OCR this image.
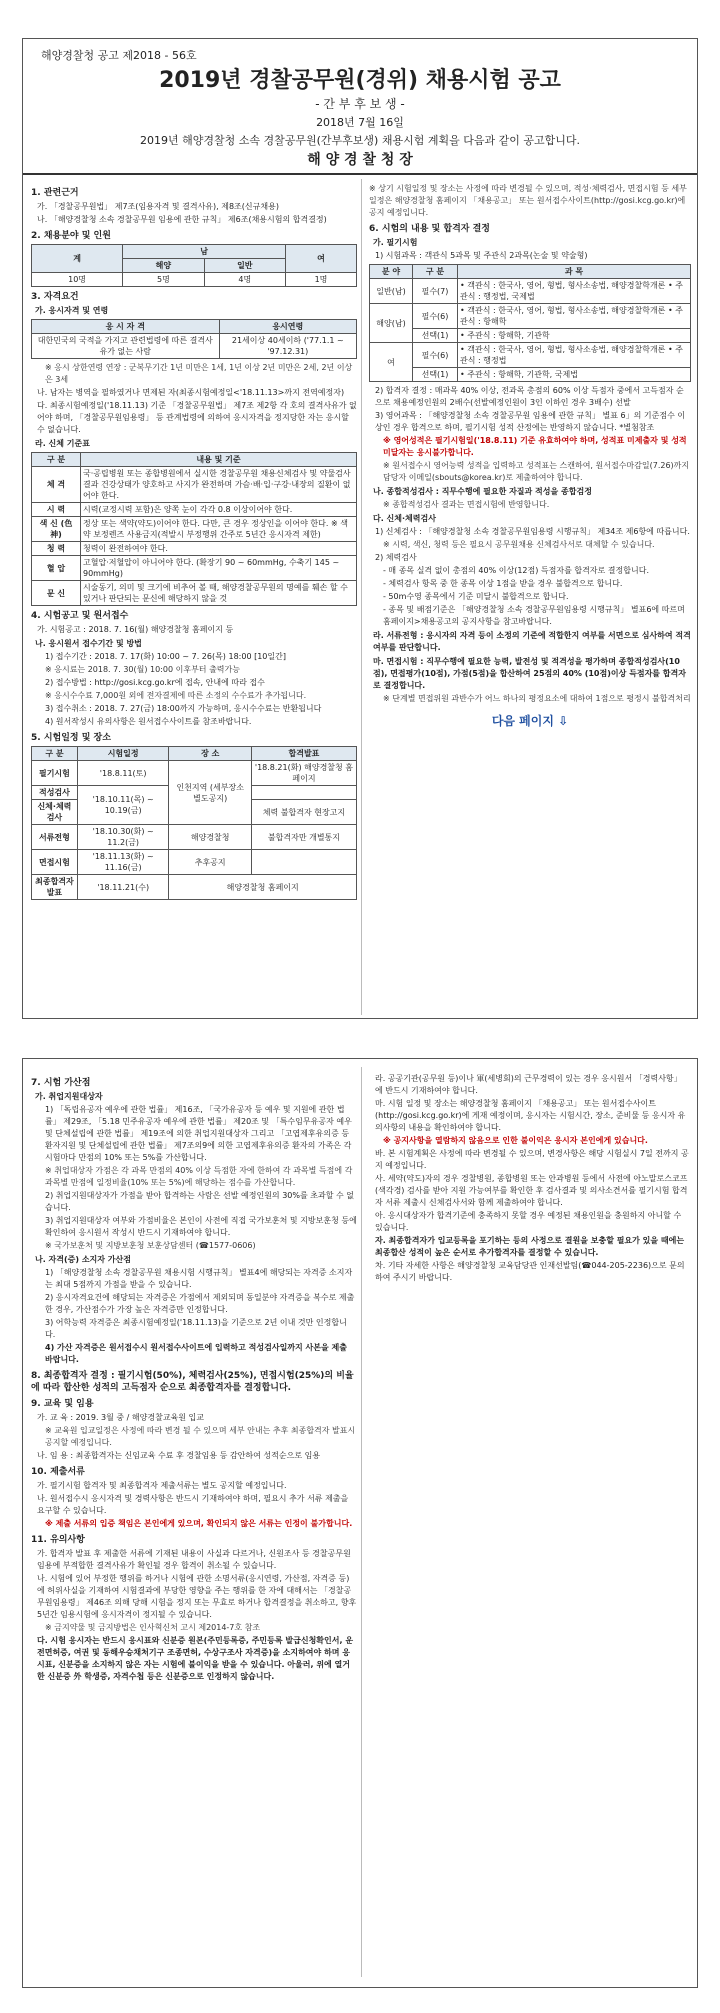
해양경찰청 공고 제2018 - 56호
2019년 경찰공무원(경위) 채용시험 공고
- 간 부 후 보 생 -
2018년 7월 16일
2019년 해양경찰청 소속 경찰공무원(간부후보생) 채용시험 계획을 다음과 같이 공고합니다.
해 양 경 찰 청 장
1. 관련근거
가. 「경찰공무원법」 제7조(임용자격 및 결격사유), 제8조(신규채용)
나. 「해양경찰청 소속 경찰공무원 임용에 관한 규칙」 제6조(채용시험의 합격결정)
2. 채용분야 및 인원
계	남		여
	해양	일반	
10명	5명	4명	1명
3. 자격요건
가. 응시자격 및 연령
응 시 자 격	응시연령
대한민국의 국적을 가지고 관련법령에 따른 결격사유가 없는 사람	21세이상 40세이하 ('77.1.1 ~ '97.12.31)
※ 응시 상한연령 연장 : 군복무기간 1년 미만은 1세, 1년 이상 2년 미만은 2세, 2년 이상은 3세
나. 남자는 병역을 필하였거나 면제된 자(최종시험예정일<'18.11.13>까지 전역예정자)
다. 최종시험예정일('18.11.13) 기준 「경찰공무원법」 제7조 제2항 각 호의 결격사유가 없어야 하며, 「경찰공무원임용령」 등 관계법령에 의하여 응시자격을 정지당한 자는 응시할 수 없습니다.
라. 신체 기준표
구 분	내용 및 기준
체 격	국·공립병원 또는 종합병원에서 실시한 경찰공무원 채용신체검사 및 약물검사 결과 건강상태가 양호하고 사지가 완전하며 가슴·배·입·구강·내장의 질환이 없어야 한다.
시 력	시력(교정시력 포함)은 양쪽 눈이 각각 0.8 이상이어야 한다.
색 신 (色 神)	정상 또는 색약(약도)이어야 한다. 다만, 큰 경우 정상인을 이어야 한다. ※ 색약 보정렌즈 사용금지(적발시 부정행위 간주로 5년간 응시자격 제한)
청 력	청력이 완전하여야 한다.
혈 압	고혈압·저혈압이 아니어야 한다. (확장기 90 ~ 60mmHg, 수축기 145 ~ 90mmHg)
문 신	시술동기, 의미 및 크기에 비추어 볼 때, 해양경찰공무원의 명예를 훼손 할 수 있거나 판단되는 문신에 해당하지 않을 것
4. 시험공고 및 원서접수
가. 시험공고 : 2018. 7. 16(월) 해양경찰청 홈페이지 등
나. 응시원서 접수기간 및 방법
1) 접수기간 : 2018. 7. 17(화) 10:00 ~ 7. 26(목) 18:00 [10일간]
※ 응시료는 2018. 7. 30(월) 10:00 이후부터 출력가능
2) 접수방법 : http://gosi.kcg.go.kr에 접속, 안내에 따라 접수
※ 응시수수료 7,000원 외에 전자결제에 따른 소정의 수수료가 추가됩니다.
3) 접수취소 : 2018. 7. 27(금) 18:00까지 가능하며, 응시수수료는 반환됩니다
4) 원서작성시 유의사항은 원서접수사이트를 참조바랍니다.
5. 시험일정 및 장소
구 분	시험일정	장 소	합격발표
필기시험	'18.8.11(토)	인천지역 (세부장소 별도공지)	'18.8.21(화) 해양경찰청 홈페이지
적성검사	'18.10.11(목) ~ 10.19(금)		
신체·체력검사			체력 불합격자 현장고지
서류전형	'18.10.30(화) ~ 11.2(금)	해양경찰청	불합격자만 개별통지
면접시험	'18.11.13(화) ~ 11.16(금)	추후공지	
최종합격자발표	'18.11.21(수)	해양경찰청 홈페이지	
※ 상기 시험일정 및 장소는 사정에 따라 변경될 수 있으며, 적성·체력검사, 면접시험 등 세부일정은 해양경찰청 홈페이지 「채용공고」 또는 원서접수사이트(http://gosi.kcg.go.kr)에 공지 예정입니다.
6. 시험의 내용 및 합격자 결정
가. 필기시험
1) 시험과목 : 객관식 5과목 및 주관식 2과목(논술 및 약술형)
분 야	구 분	과 목
일반(남)	필수(7)	• 객관식 : 한국사, 영어, 형법, 형사소송법, 해양경찰학개론 • 주관식 : 행정법, 국제법
해양(남)	필수(6)	• 객관식 : 한국사, 영어, 형법, 형사소송법, 해양경찰학개론 • 주관식 : 항해학
	선택(1)	• 주관식 : 항해학, 기관학
여	필수(6)	• 객관식 : 한국사, 영어, 형법, 형사소송법, 해양경찰학개론 • 주관식 : 행정법
	선택(1)	• 주관식 : 항해학, 기관학, 국제법
2) 합격자 결정 : 매과목 40% 이상, 전과목 총점의 60% 이상 득점자 중에서 고득점자 순으로 채용예정인원의 2배수(선발예정인원이 3인 이하인 경우 3배수) 선발
3) 영어과목 : 「해양경찰청 소속 경찰공무원 임용에 관한 규칙」 별표 6」의 기준점수 이상인 경우 합격으로 하며, 필기시험 성적 산정에는 반영하지 않습니다. *별첨참조
※ 영어성적은 필기시험일('18.8.11) 기준 유효하여야 하며, 성적표 미제출자 및 성적 미달자는 응시불가합니다.
※ 원서접수시 영어능력 성적을 입력하고 성적표는 스캔하여, 원서접수마감일(7.26)까지 담당자 이메일(sbouts@korea.kr)로 제출하여야 합니다.
나. 종합적성검사 : 직무수행에 필요한 자질과 적성을 종합검정
※ 종합적성검사 결과는 면접시험에 반영합니다.
다. 신체·체력검사
1) 신체검사 : 「해양경찰청 소속 경찰공무원임용령 시행규칙」 제34조 제6항에 따릅니다.
※ 시력, 색신, 청력 등은 필요시 공무원채용 신체검사서로 대체할 수 있습니다.
2) 체력검사
- 매 종목 실격 없이 총점의 40% 이상(12점) 득점자를 합격자로 결정합니다.
- 체력검사 항목 중 한 종목 이상 1점을 받을 경우 불합격으로 합니다.
- 50m수영 종목에서 기준 미달시 불합격으로 합니다.
- 종목 및 배점기준은 「해양경찰청 소속 경찰공무원임용령 시행규칙」 별표6에 따르며 홈페이지>채용공고의 공지사항을 참고바랍니다.
라. 서류전형 : 응시자의 자격 등이 소정의 기준에 적합한지 여부를 서면으로 심사하여 적격 여부를 판단합니다.
마. 면접시험 : 직무수행에 필요한 능력, 발전성 및 적격성을 평가하며 종합적성검사(10점), 면접평가(10점), 가점(5점)을 합산하여 25점의 40% (10점)이상 득점자를 합격자로 결정합니다.
※ 단계별 면접위원 과반수가 어느 하나의 평정요소에 대하여 1점으로 평정시 불합격처리
다음 페이지 ⇩
7. 시험 가산점
가. 취업지원대상자
1) 「독립유공자 예우에 관한 법률」 제16조, 「국가유공자 등 예우 및 지원에 관한 법률」 제29조, 「5.18 민주유공자 예우에 관한 법률」 제20조 및 「특수임무유공자 예우 및 단체설립에 관한 법률」 제19조에 의한 취업지원대상자 그리고 「고엽제후유의증 등 환자지원 및 단체설립에 관한 법률」 제7조의9에 의한 고엽제후유의증 환자의 가족은 각 시험마다 만점의 10% 또는 5%를 가산합니다.
※ 취업대상자 가점은 각 과목 만점의 40% 이상 득점한 자에 한하여 각 과목별 득점에 각 과목별 만점에 일정비율(10% 또는 5%)에 해당하는 점수를 가산합니다.
2) 취업지원대상자가 가점을 받아 합격하는 사람은 선발 예정인원의 30%를 초과할 수 없습니다.
3) 취업지원대상자 여부와 가점비율은 본인이 사전에 직접 국가보훈처 및 지방보훈청 등에 확인하여 응시원서 작성시 반드시 기재하여야 합니다.
※ 국가보훈처 및 지방보훈청 보훈상담센터 (☎1577-0606)
나. 자격(증) 소지자 가산점
1) 「해양경찰청 소속 경찰공무원 채용시험 시행규칙」 별표4에 해당되는 자격증 소지자는 최대 5점까지 가점을 받을 수 있습니다.
2) 응시자격요건에 해당되는 자격증은 가점에서 제외되며 동일분야 자격증을 복수로 제출한 경우, 가산점수가 가장 높은 자격증만 인정합니다.
3) 어학능력 자격증은 최종시험예정일('18.11.13)을 기준으로 2년 이내 것만 인정합니다.
4) 가산 자격증은 원서접수시 원서접수사이트에 입력하고 적성검사일까지 사본을 제출 바랍니다.
8. 최종합격자 결정 : 필기시험(50%), 체력검사(25%), 면접시험(25%)의 비율에 따라 합산한 성적의 고득점자 순으로 최종합격자를 결정합니다.
9. 교육 및 임용
가. 교 육 : 2019. 3월 중 / 해양경찰교육원 입교
※ 교육원 입교일정은 사정에 따라 변경 될 수 있으며 세부 안내는 추후 최종합격자 발표시 공지할 예정입니다.
나. 임 용 : 최종합격자는 신임교육 수료 후 경찰임용 등 감안하여 성적순으로 임용
10. 제출서류
가. 필기시험 합격자 및 최종합격자 제출서류는 별도 공지할 예정입니다.
나. 원서접수시 응시자격 및 경력사항은 반드시 기재하여야 하며, 필요시 추가 서류 제출을 요구할 수 있습니다.
※ 제출 서류의 입증 책임은 본인에게 있으며, 확인되지 않은 서류는 인정이 불가합니다.
11. 유의사항
가. 합격자 발표 후 제출한 서류에 기재된 내용이 사실과 다르거나, 신원조사 등 경찰공무원 임용에 부적합한 결격사유가 확인될 경우 합격이 취소될 수 있습니다.
나. 시험에 있어 부정한 행위를 하거나 시험에 관한 소명서류(응시연령, 가산점, 자격증 등)에 허위사실을 기재하여 시험결과에 부당한 영향을 주는 행위를 한 자에 대해서는 「경찰공무원임용령」 제46조 의해 당해 시험을 정지 또는 무효로 하거나 합격결정을 취소하고, 향후 5년간 임용시험에 응시자격이 정지될 수 있습니다.
※ 금지약물 및 금지방법은 인사혁신처 고시 제2014-7호 참조
다. 시험 응시자는 반드시 응시표와 신분증 원본(주민등록증, 주민등록 발급신청확인서, 운전면허증, 여권 및 동해우승채처기구 조종면허, 수상구조사 자격증)을 소지하여야 하며 응시표, 신분증을 소지하지 않은 자는 시험에 불이익을 받을 수 있습니다. 아울러, 위에 열거한 신분증 外 학생증, 자격수첩 등은 신분증으로 인정하지 않습니다.
라. 공공기관(공무원 등)이나 軍(세병회)의 근무경력이 있는 경우 응시원서 「경력사항」 에 반드시 기재하여야 합니다.
마. 시험 일정 및 장소는 해양경찰청 홈페이지 「채용공고」 또는 원서접수사이트(http://gosi.kcg.go.kr)에 게재 예정이며, 응시자는 시험시간, 장소, 준비물 등 응시자 유의사항의 내용을 확인하여야 합니다.
※ 공지사항을 열람하지 않음으로 인한 불이익은 응시자 본인에게 있습니다.
바. 본 시험계획은 사정에 따라 변경될 수 있으며, 변경사항은 해당 시험실시 7일 전까지 공지 예정입니다.
사. 세약(약도)자의 경우 경찰병원, 종합병원 또는 안과병원 등에서 사전에 아노말로스코프(색각경) 검사를 받아 지원 가능여부를 확인한 후 검사결과 및 의사소견서를 필기시험 합격자 서류 제출시 신체검사서와 함께 제출하여야 합니다.
아. 응시대상자가 합격기준에 충족하지 못할 경우 예정된 채용인원을 충원하지 아니할 수 있습니다.
자. 최종합격자가 입교등록을 포기하는 등의 사정으로 결원을 보충할 필요가 있을 때에는 최종합산 성적이 높은 순서로 추가합격자를 결정할 수 있습니다.
차. 기타 자세한 사항은 해양경찰청 교육담당관 인재선발팀(☎044-205-2236)으로 문의하여 주시기 바랍니다.
